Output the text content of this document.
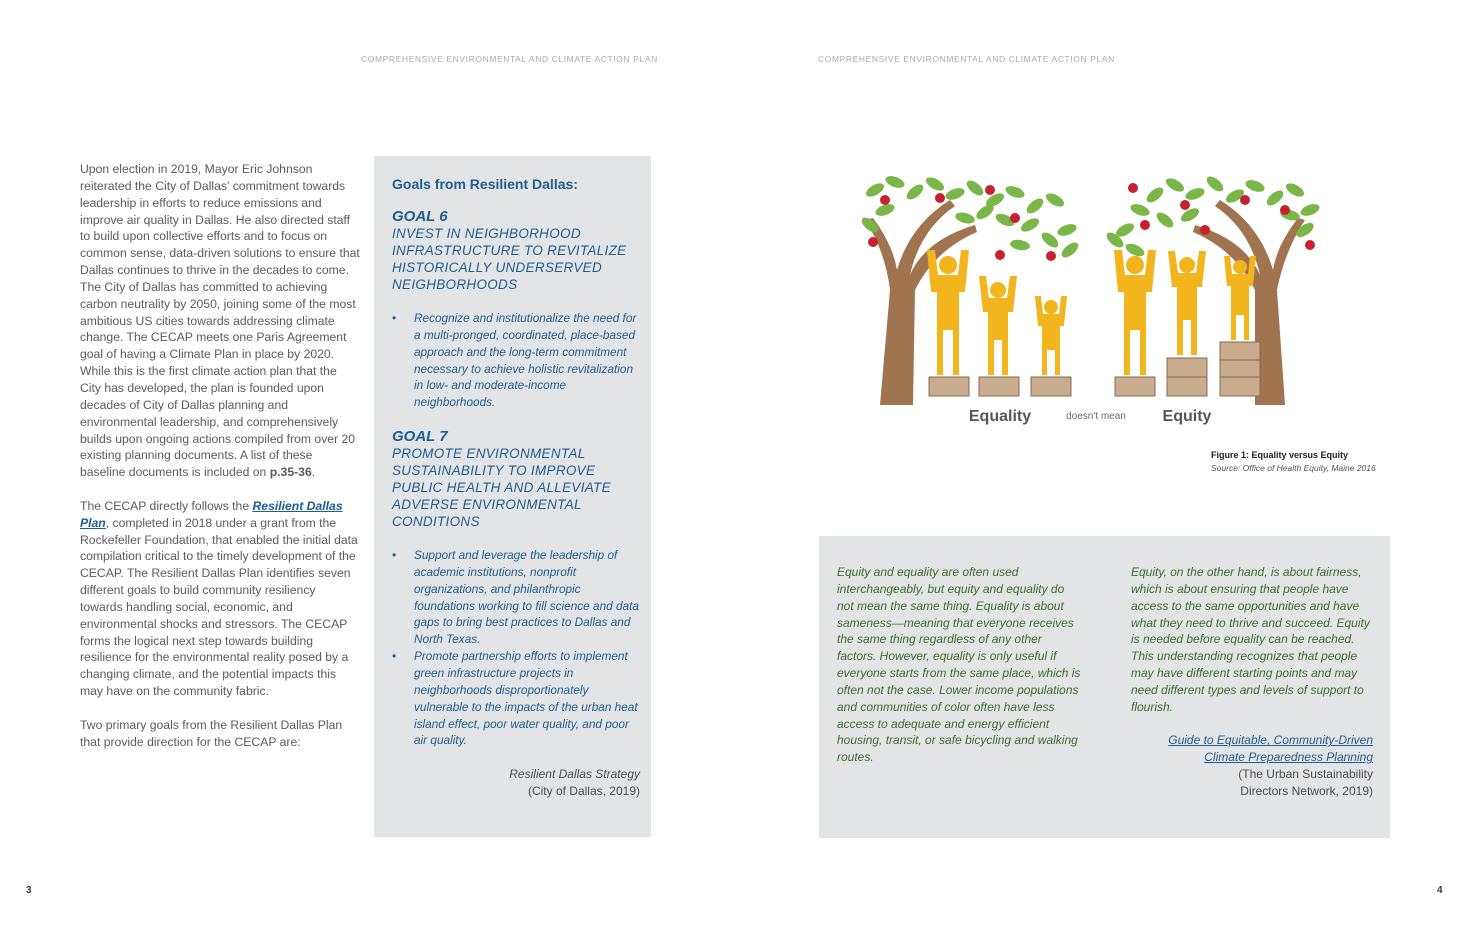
COMPREHENSIVE ENVIRONMENTAL AND CLIMATE ACTION PLAN	COMPREHENSIVE ENVIRONMENTAL AND CLIMATE ACTION PLAN

Upon election in 2019, Mayor Eric Johnson reiterated the City of Dallas' commitment towards leadership in efforts to reduce emissions and improve air quality in Dallas. He also directed staff to build upon collective efforts and to focus on common sense, data-driven solutions to ensure that Dallas continues to thrive in the decades to come. The City of Dallas has committed to achieving carbon neutrality by 2050, joining some of the most ambitious US cities towards addressing climate change. The CECAP meets one Paris Agreement goal of having a Climate Plan in place by 2020. While this is the first climate action plan that the City has developed, the plan is founded upon decades of City of Dallas planning and environmental leadership, and comprehensively builds upon ongoing actions compiled from over 20 existing planning documents. A list of these baseline documents is included on p.35-36.

The CECAP directly follows the Resilient Dallas Plan, completed in 2018 under a grant from the Rockefeller Foundation, that enabled the initial data compilation critical to the timely development of the CECAP. The Resilient Dallas Plan identifies seven different goals to build community resiliency towards handling social, economic, and environmental shocks and stressors. The CECAP forms the logical next step towards building resilience for the environmental reality posed by a changing climate, and the potential impacts this may have on the community fabric.

Two primary goals from the Resilient Dallas Plan that provide direction for the CECAP are:

Goals from Resilient Dallas:
GOAL 6
INVEST IN NEIGHBORHOOD INFRASTRUCTURE TO REVITALIZE HISTORICALLY UNDERSERVED NEIGHBORHOODS
• Recognize and institutionalize the need for a multi-pronged, coordinated, place-based approach and the long-term commitment necessary to achieve holistic revitalization in low- and moderate-income neighborhoods.
GOAL 7
PROMOTE ENVIRONMENTAL SUSTAINABILITY TO IMPROVE PUBLIC HEALTH AND ALLEVIATE ADVERSE ENVIRONMENTAL CONDITIONS
• Support and leverage the leadership of academic institutions, nonprofit organizations, and philanthropic foundations working to fill science and data gaps to bring best practices to Dallas and North Texas.
• Promote partnership efforts to implement green infrastructure projects in neighborhoods disproportionately vulnerable to the impacts of the urban heat island effect, poor water quality, and poor air quality.
Resilient Dallas Strategy
(City of Dallas, 2019)
Equality	doesn't mean Equity
Figure 1: Equality versus Equity
Source: Office of Health Equity, Maine 2016

Equity and equality are often used interchangeably, but equity and equality do not mean the same thing. Equality is about sameness—meaning that everyone receives the same thing regardless of any other factors. However, equality is only useful if everyone starts from the same place, which is often not the case. Lower income populations and communities of color often have less access to adequate and energy efficient housing, transit, or safe bicycling and walking routes.

Equity, on the other hand, is about fairness, which is about ensuring that people have access to the same opportunities and have what they need to thrive and succeed. Equity is needed before equality can be reached. This understanding recognizes that people may have different starting points and may need different types and levels of support to flourish.

Guide to Equitable, Community-Driven
Climate Preparedness Planning
(The Urban Sustainability
Directors Network, 2019)
3	4
